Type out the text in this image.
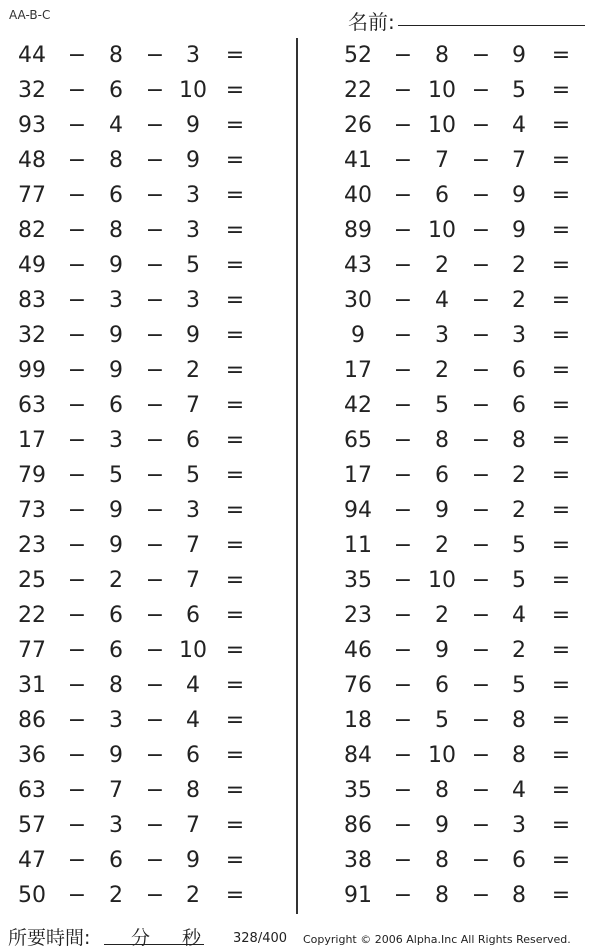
AA-B-C	名前:
44 −	8	− 3	=
32 −	6	− 10 =
93 −	4	− 9	=
48 −	8	− 9	=
77 −	6	− 3	=
82 −	8	− 3	=
49 −	9	− 5	=
83 −	3	− 3	=
32 −	9	− 9	=
99 −	9	− 2	=
63 −	6	− 7	=
17 −	3	− 6	=
79 −	5	− 5	=
73 −	9	− 3	=
23 −	9	− 7	=
25 −	2	− 7	=
22 −	6	− 6	=
77 −	6	− 10 =
31 −	8	− 4	=
86 −	3	− 4	=
36 −	9	− 6	=
63 −	7	− 8	=
57 −	3	− 7	=
47 −	6	− 9	=
50 −	2	− 2	=
52 −	8	− 9	=
22 − 10 − 5	=
26 − 10 − 4	=
41 −	7	− 7	=
40 −	6	− 9	=
89 − 10 − 9	=
43 −	2	− 2	=
30 −	4	− 2	=
9	−	3	− 3	=
17 −	2	− 6	=
42 −	5	− 6	=
65 −	8	− 8	=
17 −	6	− 2	=
94 −	9	− 2	=
11 −	2	− 5	=
35 − 10 − 5	=
23 −	2	− 4	=
46 −	9	− 2	=
76 −	6	− 5	=
18 −	5	− 8	=
84 − 10 − 8	=
35 −	8	− 4	=
86 −	9	− 3	=
38 −	8	− 6	=
91 −	8	− 8	=
所要時間: 分 秒 328/400 Copyright © 2006 Alpha.Inc All Rights Reserved.
